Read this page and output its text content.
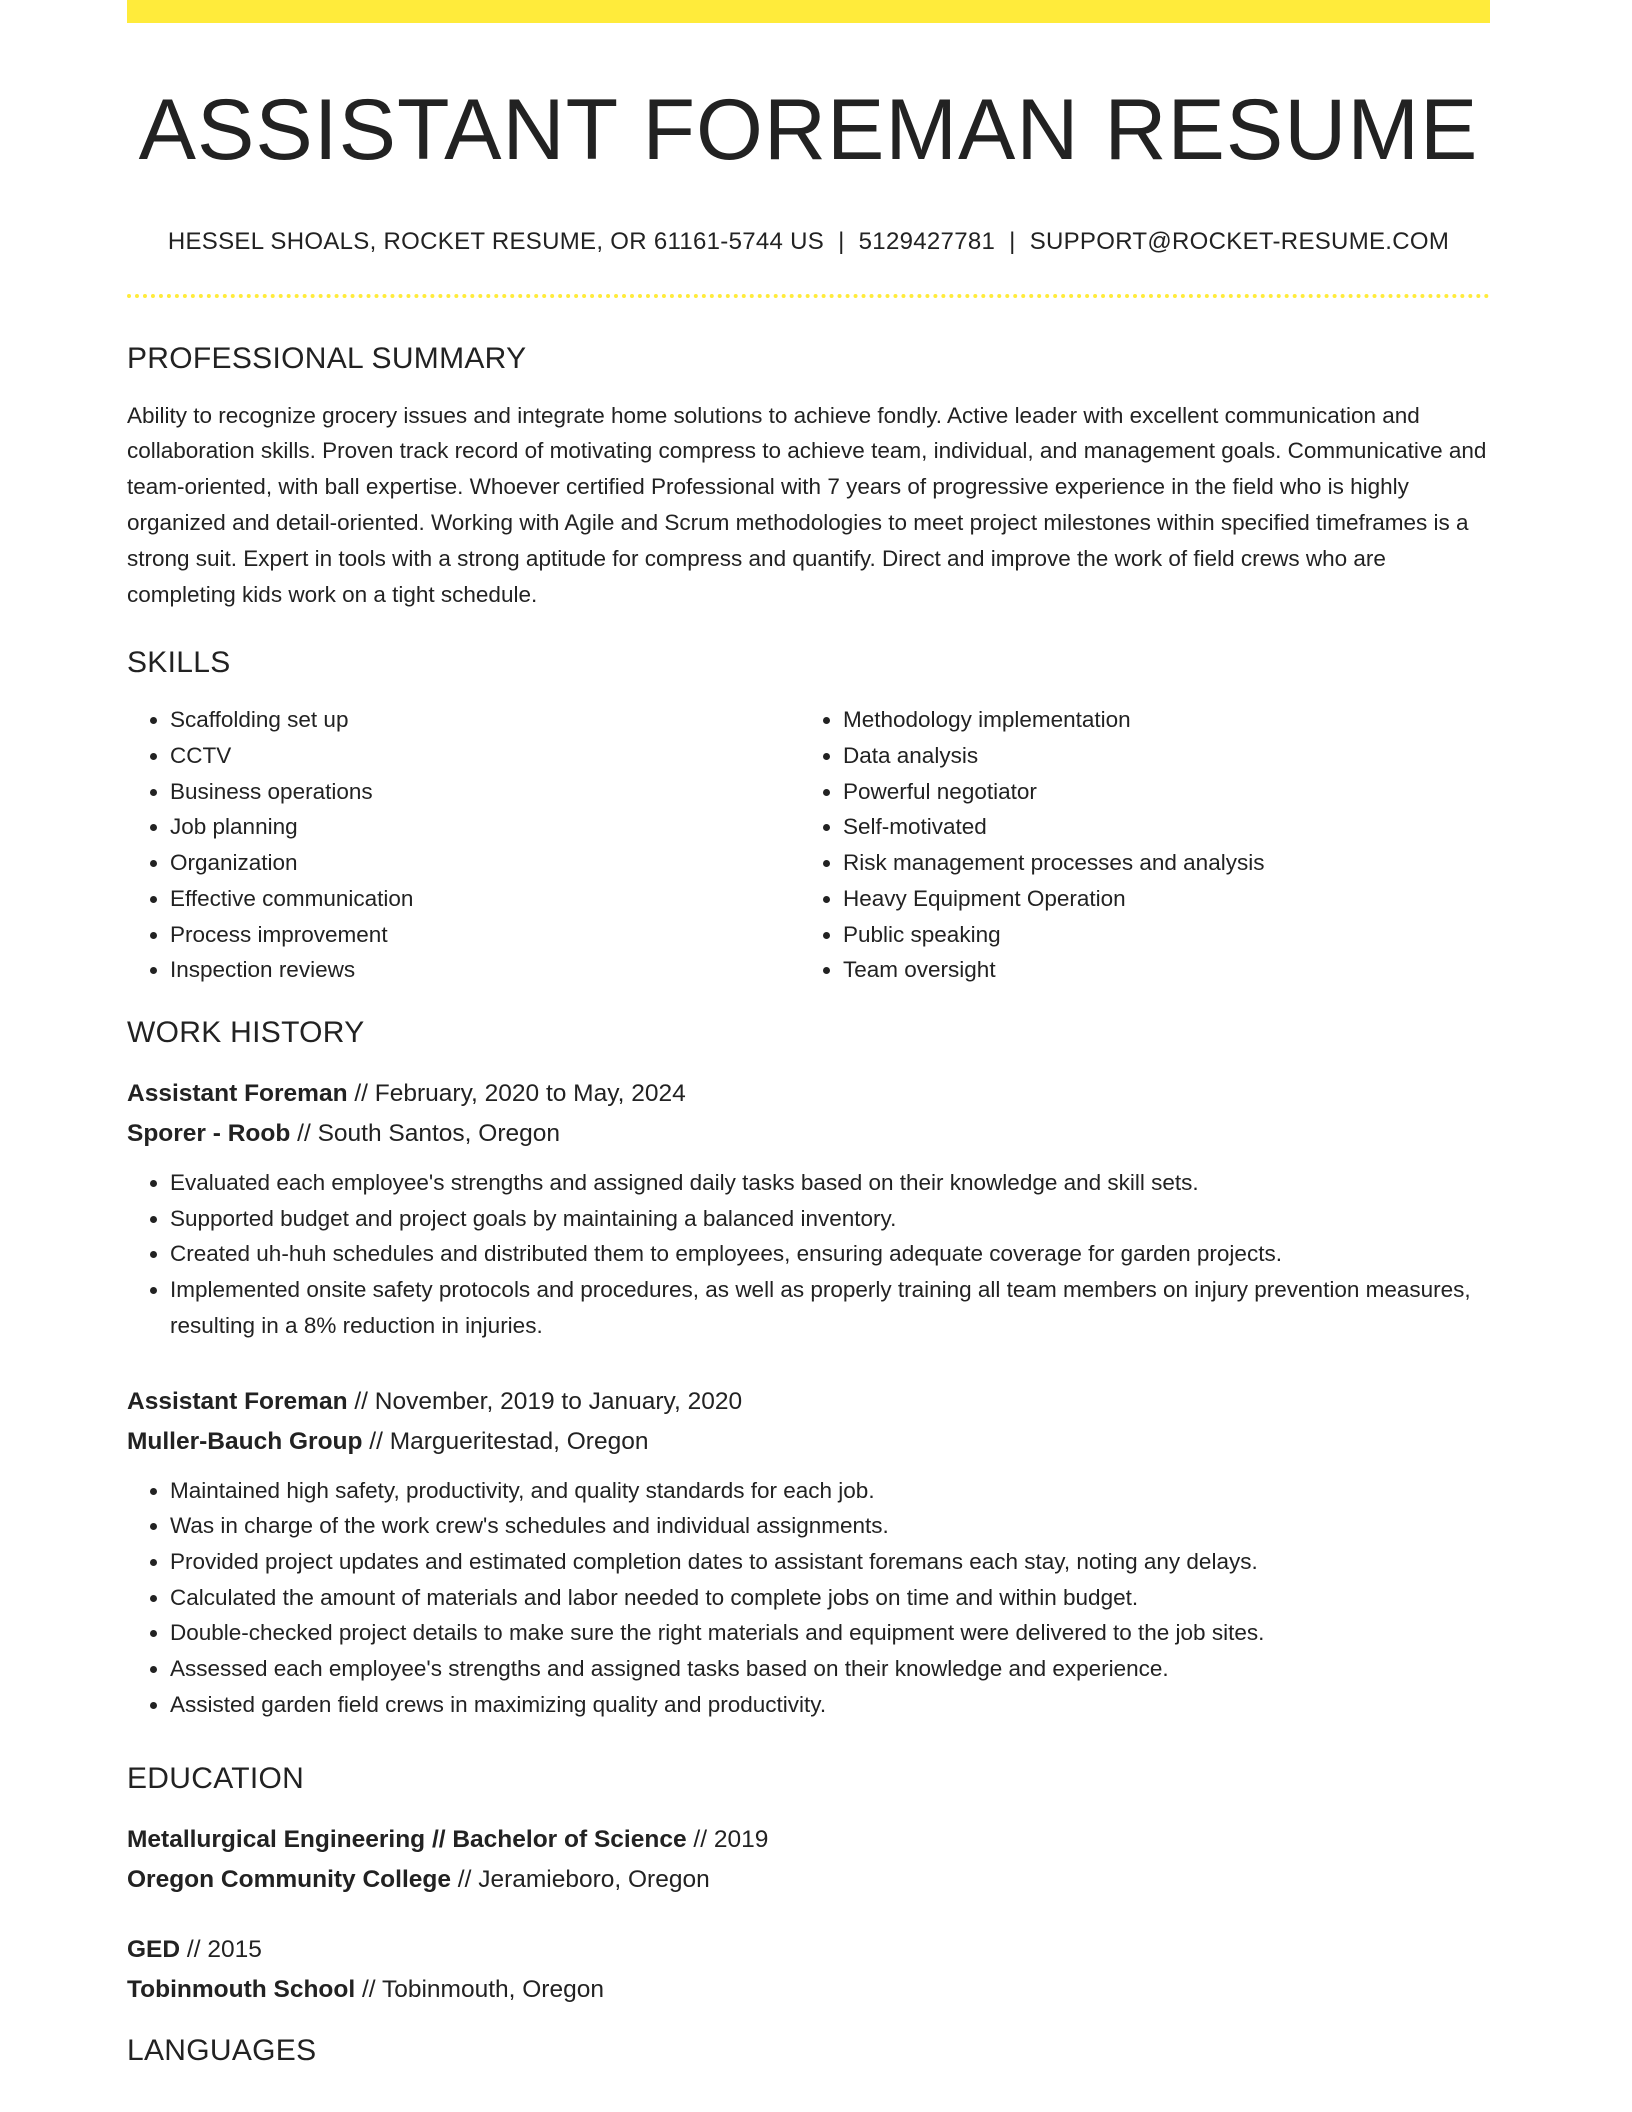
ASSISTANT FOREMAN RESUME
HESSEL SHOALS, ROCKET RESUME, OR 61161-5744 US | 5129427781 | SUPPORT@ROCKET-RESUME.COM
PROFESSIONAL SUMMARY

Ability to recognize grocery issues and integrate home solutions to achieve fondly. Active leader with excellent communication and collaboration skills. Proven track record of motivating compress to achieve team, individual, and management goals. Communicative and team-oriented, with ball expertise. Whoever certified Professional with 7 years of progressive experience in the field who is highly organized and detail-oriented. Working with Agile and Scrum methodologies to meet project milestones within specified timeframes is a strong suit. Expert in tools with a strong aptitude for compress and quantify. Direct and improve the work of field crews who are completing kids work on a tight schedule.

SKILLS
• Scaffolding set up
• CCTV
• Business operations
• Job planning
• Organization
• Effective communication
• Process improvement
• Inspection reviews
• Methodology implementation
• Data analysis
• Powerful negotiator
• Self-motivated
• Risk management processes and analysis
• Heavy Equipment Operation
• Public speaking
• Team oversight
WORK HISTORY
Assistant Foreman // February, 2020 to May, 2024
Sporer - Roob // South Santos, Oregon
• Evaluated each employee's strengths and assigned daily tasks based on their knowledge and skill sets.
• Supported budget and project goals by maintaining a balanced inventory.
• Created uh-huh schedules and distributed them to employees, ensuring adequate coverage for garden projects.
• Implemented onsite safety protocols and procedures, as well as properly training all team members on injury prevention measures, resulting in a 8% reduction in injuries.
Assistant Foreman // November, 2019 to January, 2020
Muller-Bauch Group // Margueritestad, Oregon
• Maintained high safety, productivity, and quality standards for each job.
• Was in charge of the work crew's schedules and individual assignments.
• Provided project updates and estimated completion dates to assistant foremans each stay, noting any delays.
• Calculated the amount of materials and labor needed to complete jobs on time and within budget.
• Double-checked project details to make sure the right materials and equipment were delivered to the job sites.
• Assessed each employee's strengths and assigned tasks based on their knowledge and experience.
• Assisted garden field crews in maximizing quality and productivity.
EDUCATION
Metallurgical Engineering // Bachelor of Science // 2019
Oregon Community College // Jeramieboro, Oregon
GED // 2015
Tobinmouth School // Tobinmouth, Oregon
LANGUAGES
